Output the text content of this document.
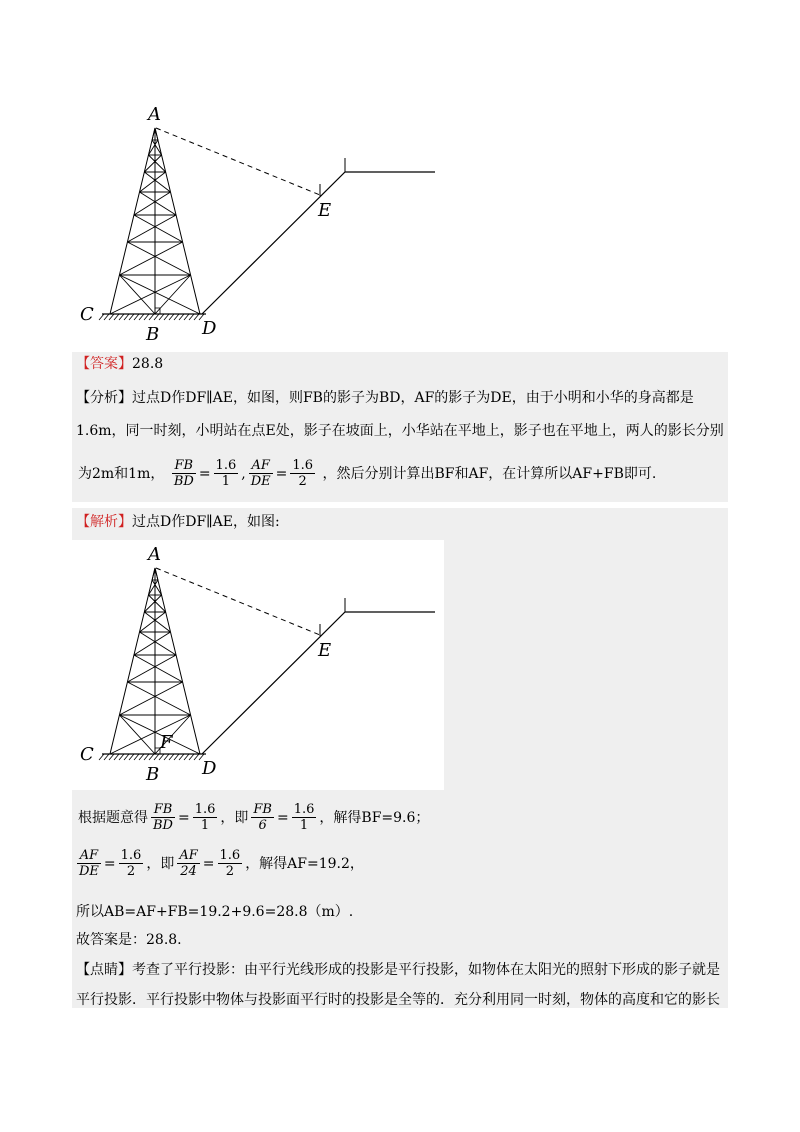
A
C
B D
E
【答案】28.8
【分析】过点D作DF∥AE，如图，则FB的影子为BD，AF的影子为DE，由于小明和小华的身高都是
1.6m，同一时刻，小明站在点E处，影子在坡面上，小华站在平地上，影子也在平地上，两人的影长分别
为2m和1m， $\frac{FB}{BD} = \frac{1.6}{1}$ , $\frac{AF}{DE} = \frac{1.6}{2}$ ，然后分别计算出BF和AF，在计算所以AF+FB即可.
【解析】过点D作DF∥AE，如图:
A
C
B D
E
F
根据题意得 $\frac{FB}{BD} = \frac{1.6}{1}$ ，即 $\frac{FB}{6} = \frac{1.6}{1}$ ，解得BF=9.6；
$\frac{AF}{DE} = \frac{1.6}{2}$ ，即 $\frac{AF}{24} = \frac{1.6}{2}$ ，解得AF=19.2，
所以AB=AF+FB=19.2+9.6=28.8（m）.
故答案是：28.8.
【点睛】考查了平行投影：由平行光线形成的投影是平行投影，如物体在太阳光的照射下形成的影子就是
平行投影．平行投影中物体与投影面平行时的投影是全等的．充分利用同一时刻，物体的高度和它的影长
